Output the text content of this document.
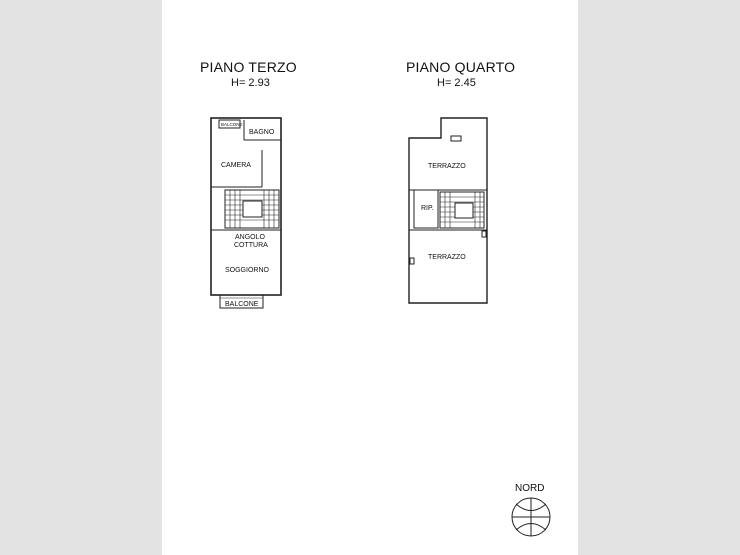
PIANO TERZO
H= 2.93
PIANO QUARTO
H= 2.45
BALCONE
BAGNO
CAMERA
ANGOLO
COTTURA
SOGGIORNO
BALCONE
TERRAZZO
RIP.
TERRAZZO
NORD
